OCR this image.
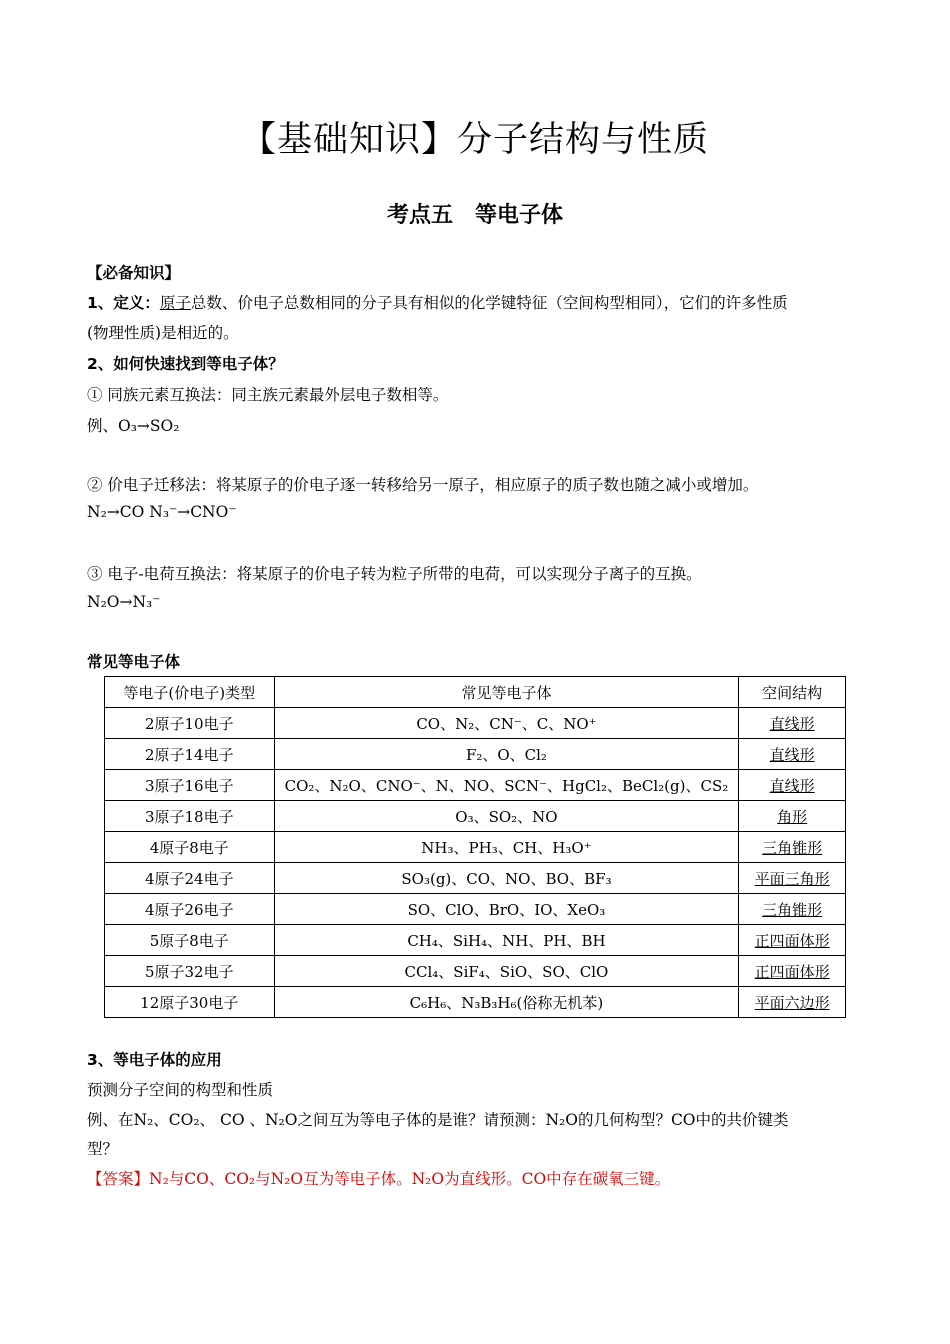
【基础知识】分子结构与性质
考点五　等电子体
【必备知识】
1、定义：原子总数、价电子总数相同的分子具有相似的化学键特征（空间构型相同），它们的许多性质
(物理性质)是相近的。
2、如何快速找到等电子体？
① 同族元素互换法：同主族元素最外层电子数相等。
例、O₃→SO₂
② 价电子迁移法：将某原子的价电子逐一转移给另一原子，相应原子的质子数也随之减小或增加。
N₂→CO N₃⁻→CNO⁻
③ 电子-电荷互换法：将某原子的价电子转为粒子所带的电荷，可以实现分子离子的互换。
N₂O→N₃⁻
常见等电子体
等电子(价电子)类型	常见等电子体	空间结构
2原子10电子	CO、N₂、CN⁻、C、NO⁺	直线形
2原子14电子	F₂、O、Cl₂	直线形
3原子16电子	CO₂、N₂O、CNO⁻、N、NO、SCN⁻、HgCl₂、BeCl₂(g)、CS₂	直线形
3原子18电子	O₃、SO₂、NO	角形
4原子8电子	NH₃、PH₃、CH、H₃O⁺	三角锥形
4原子24电子	SO₃(g)、CO、NO、BO、BF₃	平面三角形
4原子26电子	SO、ClO、BrO、IO、XeO₃	三角锥形
5原子8电子	CH₄、SiH₄、NH、PH、BH	正四面体形
5原子32电子	CCl₄、SiF₄、SiO、SO、ClO	正四面体形
12原子30电子	C₆H₆、N₃B₃H₆(俗称无机苯)	平面六边形
3、等电子体的应用
预测分子空间的构型和性质
例、在N₂、CO₂、 CO 、N₂O之间互为等电子体的是谁？请预测：N₂O的几何构型？CO中的共价键类
型？
【答案】N₂与CO、CO₂与N₂O互为等电子体。N₂O为直线形。CO中存在碳氧三键。
